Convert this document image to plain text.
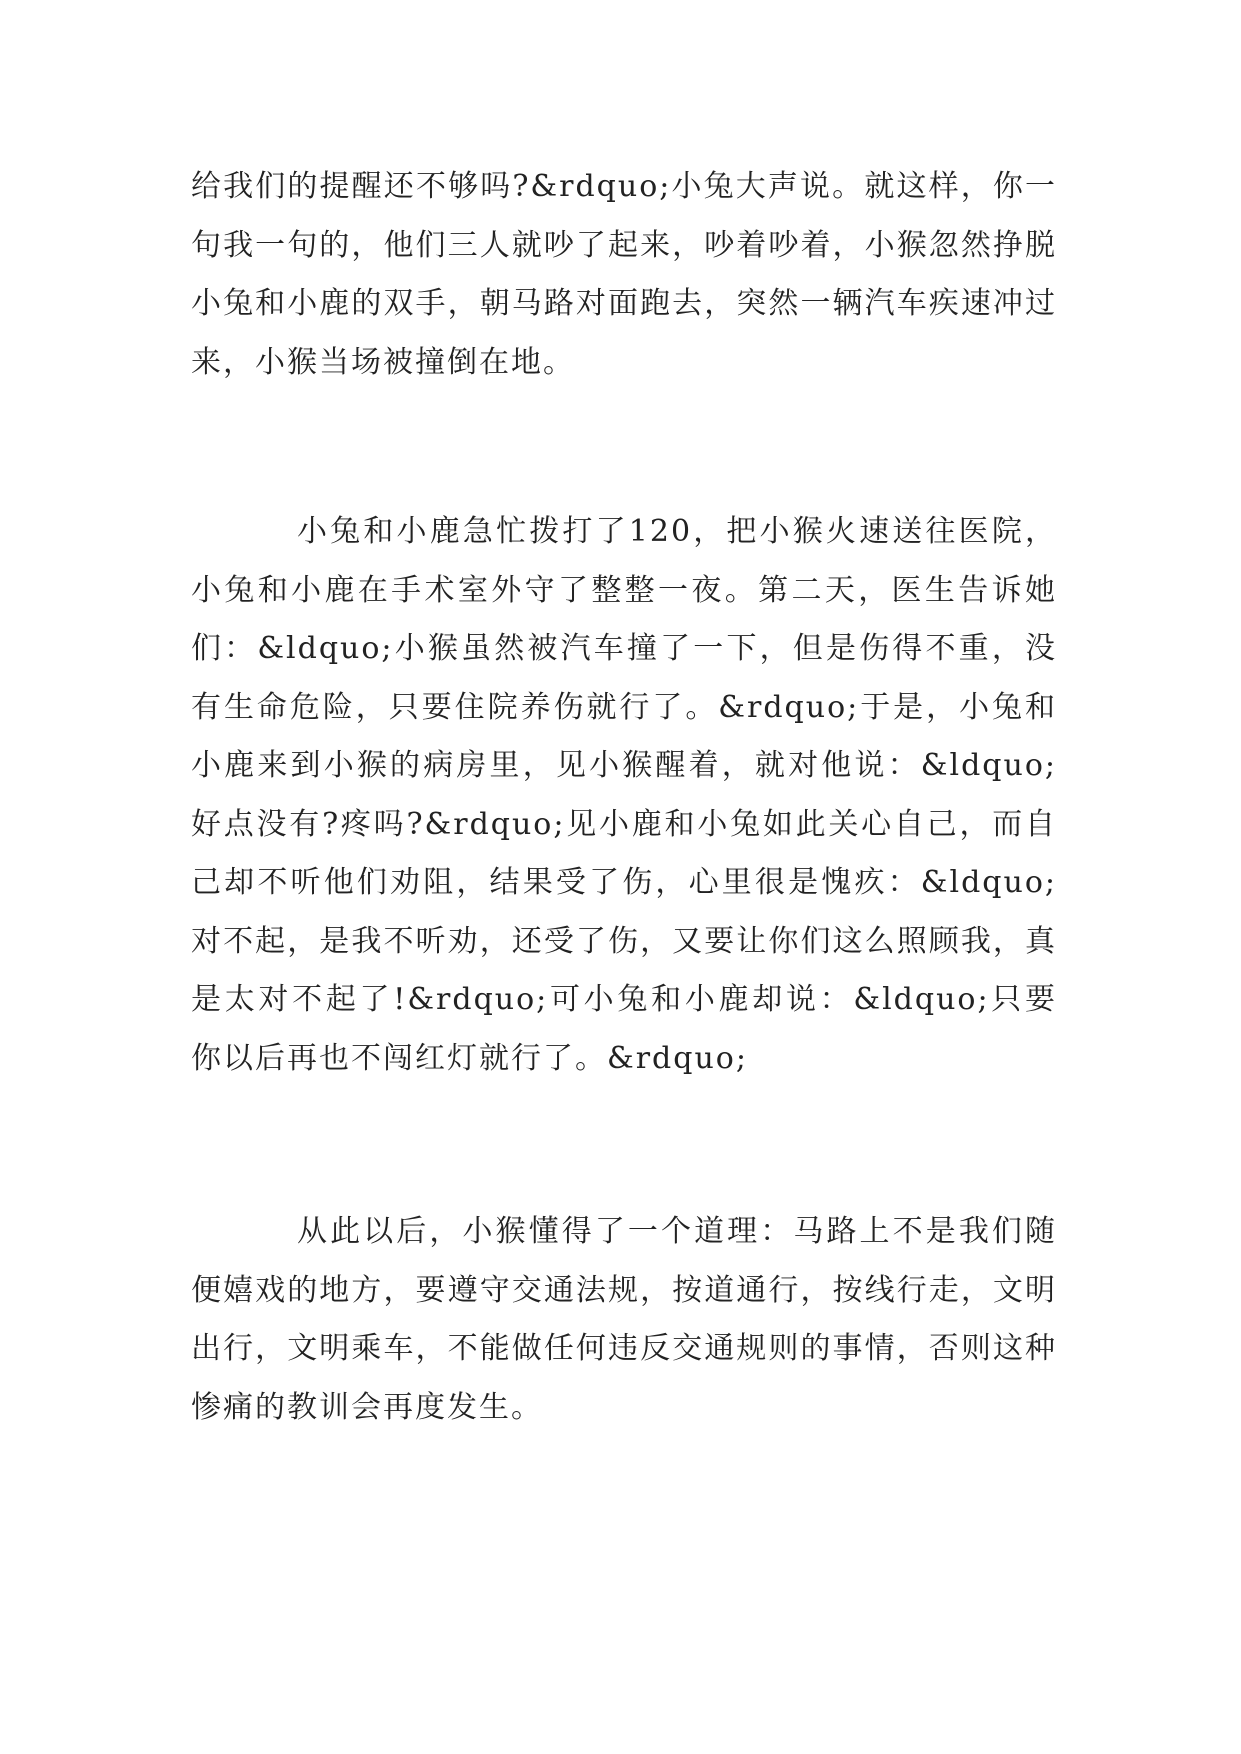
给我们的提醒还不够吗?&rdquo;小兔大声说。就这样，你一句我一句的，他们三人就吵了起来，吵着吵着，小猴忽然挣脱小兔和小鹿的双手，朝马路对面跑去，突然一辆汽车疾速冲过来，小猴当场被撞倒在地。

小兔和小鹿急忙拨打了120，把小猴火速送往医院，小兔和小鹿在手术室外守了整整一夜。第二天，医生告诉她们：&ldquo;小猴虽然被汽车撞了一下，但是伤得不重，没有生命危险，只要住院养伤就行了。&rdquo;于是，小兔和小鹿来到小猴的病房里，见小猴醒着，就对他说：&ldquo;好点没有?疼吗?&rdquo;见小鹿和小兔如此关心自己，而自己却不听他们劝阻，结果受了伤，心里很是愧疚：&ldquo;对不起，是我不听劝，还受了伤，又要让你们这么照顾我，真是太对不起了!&rdquo;可小兔和小鹿却说：&ldquo;只要你以后再也不闯红灯就行了。&rdquo;

从此以后，小猴懂得了一个道理：马路上不是我们随便嬉戏的地方，要遵守交通法规，按道通行，按线行走，文明出行，文明乘车，不能做任何违反交通规则的事情，否则这种惨痛的教训会再度发生。
